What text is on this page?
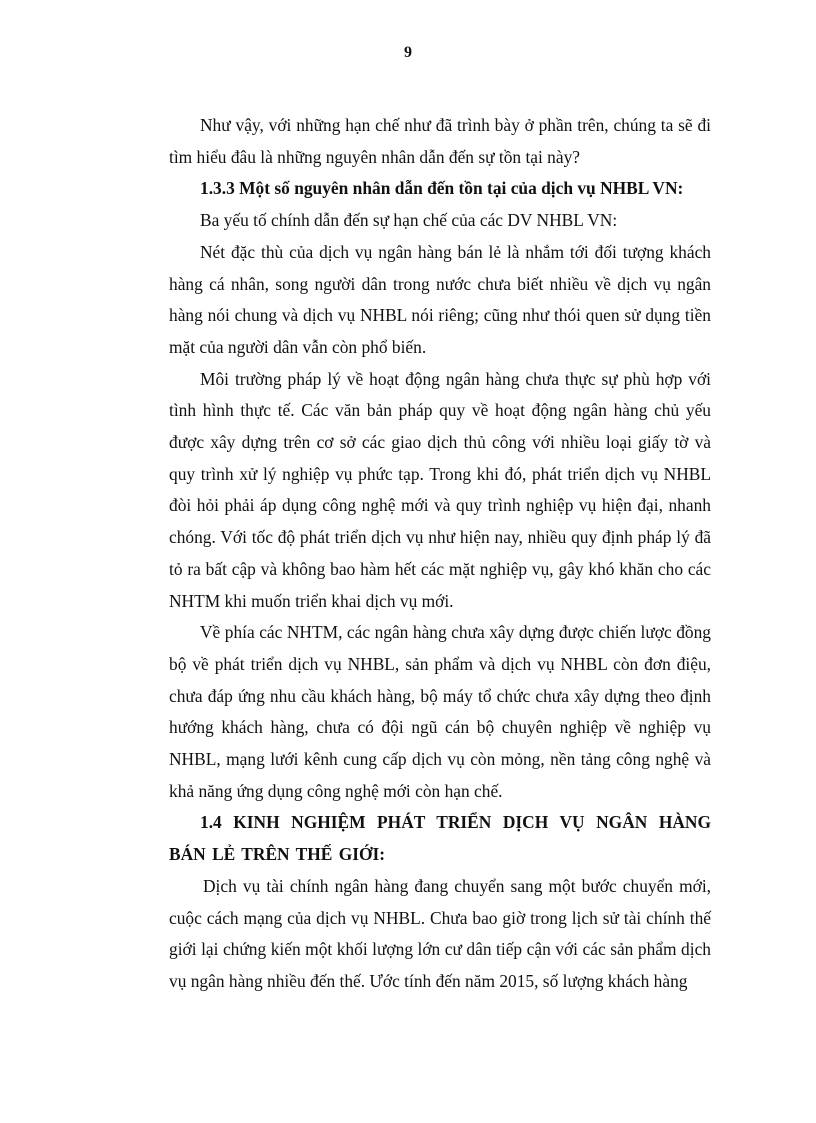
9

Như vậy, với những hạn chế như đã trình bày ở phần trên, chúng ta sẽ đi tìm hiểu đâu là những nguyên nhân dẫn đến sự tồn tại này?

1.3.3 Một số nguyên nhân dẫn đến tồn tại của dịch vụ NHBL VN:

Ba yếu tố chính dẫn đến sự hạn chế của các DV NHBL VN:

Nét đặc thù của dịch vụ ngân hàng bán lẻ là nhắm tới đối tượng khách hàng cá nhân, song người dân trong nước chưa biết nhiều về dịch vụ ngân hàng nói chung và dịch vụ NHBL nói riêng; cũng như thói quen sử dụng tiền mặt của người dân vẫn còn phổ biến.

Môi trường pháp lý về hoạt động ngân hàng chưa thực sự phù hợp với tình hình thực tế. Các văn bản pháp quy về hoạt động ngân hàng chủ yếu được xây dựng trên cơ sở các giao dịch thủ công với nhiều loại giấy tờ và quy trình xử lý nghiệp vụ phức tạp. Trong khi đó, phát triển dịch vụ NHBL đòi hỏi phải áp dụng công nghệ mới và quy trình nghiệp vụ hiện đại, nhanh chóng. Với tốc độ phát triển dịch vụ như hiện nay, nhiều quy định pháp lý đã tỏ ra bất cập và không bao hàm hết các mặt nghiệp vụ, gây khó khăn cho các NHTM khi muốn triển khai dịch vụ mới.

Về phía các NHTM, các ngân hàng chưa xây dựng được chiến lược đồng bộ về phát triển dịch vụ NHBL, sản phẩm và dịch vụ NHBL còn đơn điệu, chưa đáp ứng nhu cầu khách hàng, bộ máy tổ chức chưa xây dựng theo định hướng khách hàng, chưa có đội ngũ cán bộ chuyên nghiệp về nghiệp vụ NHBL, mạng lưới kênh cung cấp dịch vụ còn mỏng, nền tảng công nghệ và khả năng ứng dụng công nghệ mới còn hạn chế.

1.4 KINH NGHIỆM PHÁT TRIỂN DỊCH VỤ NGÂN HÀNG BÁN LẺ TRÊN THẾ GIỚI:

Dịch vụ tài chính ngân hàng đang chuyển sang một bước chuyển mới, cuộc cách mạng của dịch vụ NHBL. Chưa bao giờ trong lịch sử tài chính thế giới lại chứng kiến một khối lượng lớn cư dân tiếp cận với các sản phẩm dịch vụ ngân hàng nhiều đến thế. Ước tính đến năm 2015, số lượng khách hàng
